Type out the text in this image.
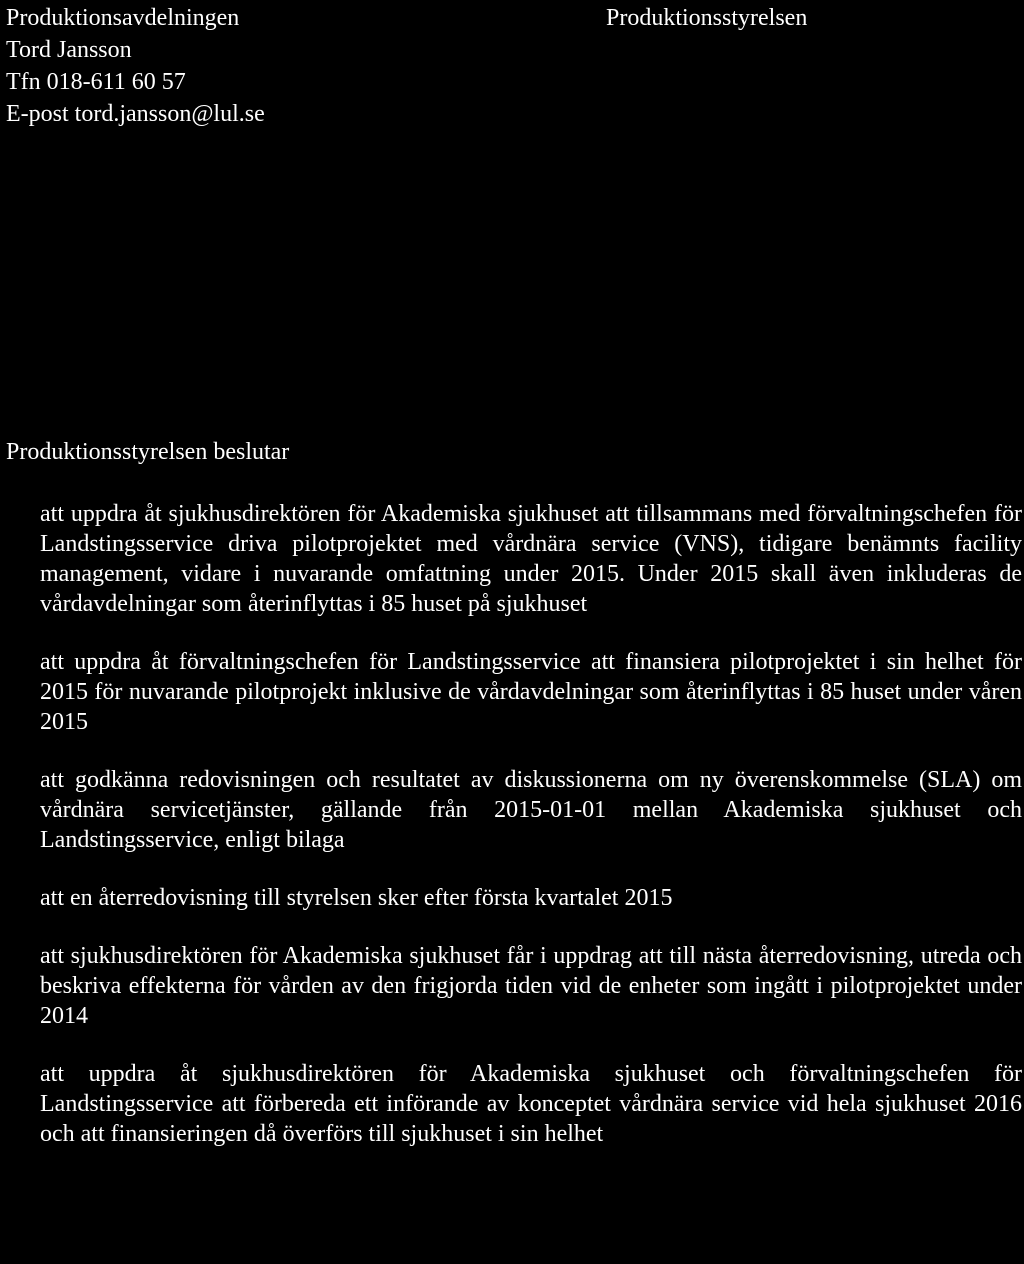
Produktionsavdelningen
Tord Jansson
Tfn 018-611 60 57
E-post tord.jansson@lul.se
Produktionsstyrelsen
Produktionsstyrelsen beslutar
att uppdra åt sjukhusdirektören för Akademiska sjukhuset att tillsammans med förvaltningschefen för Landstingsservice driva pilotprojektet med vårdnära service (VNS), tidigare benämnts facility management, vidare i nuvarande omfattning under 2015. Under 2015 skall även inkluderas de vårdavdelningar som återinflyttas i 85 huset på sjukhuset
att uppdra åt förvaltningschefen för Landstingsservice att finansiera pilotprojektet i sin helhet för 2015 för nuvarande pilotprojekt inklusive de vårdavdelningar som återinflyttas i 85 huset under våren 2015
att godkänna redovisningen och resultatet av diskussionerna om ny överenskommelse (SLA) om vårdnära servicetjänster, gällande från 2015-01-01 mellan Akademiska sjukhuset och Landstingsservice, enligt bilaga
att en återredovisning till styrelsen sker efter första kvartalet 2015
att sjukhusdirektören för Akademiska sjukhuset får i uppdrag att till nästa återredovisning, utreda och beskriva effekterna för vården av den frigjorda tiden vid de enheter som ingått i pilotprojektet under 2014
att uppdra åt sjukhusdirektören för Akademiska sjukhuset och förvaltningschefen för Landstingsservice att förbereda ett införande av konceptet vårdnära service vid hela sjukhuset 2016 och att finansieringen då överförs till sjukhuset i sin helhet
